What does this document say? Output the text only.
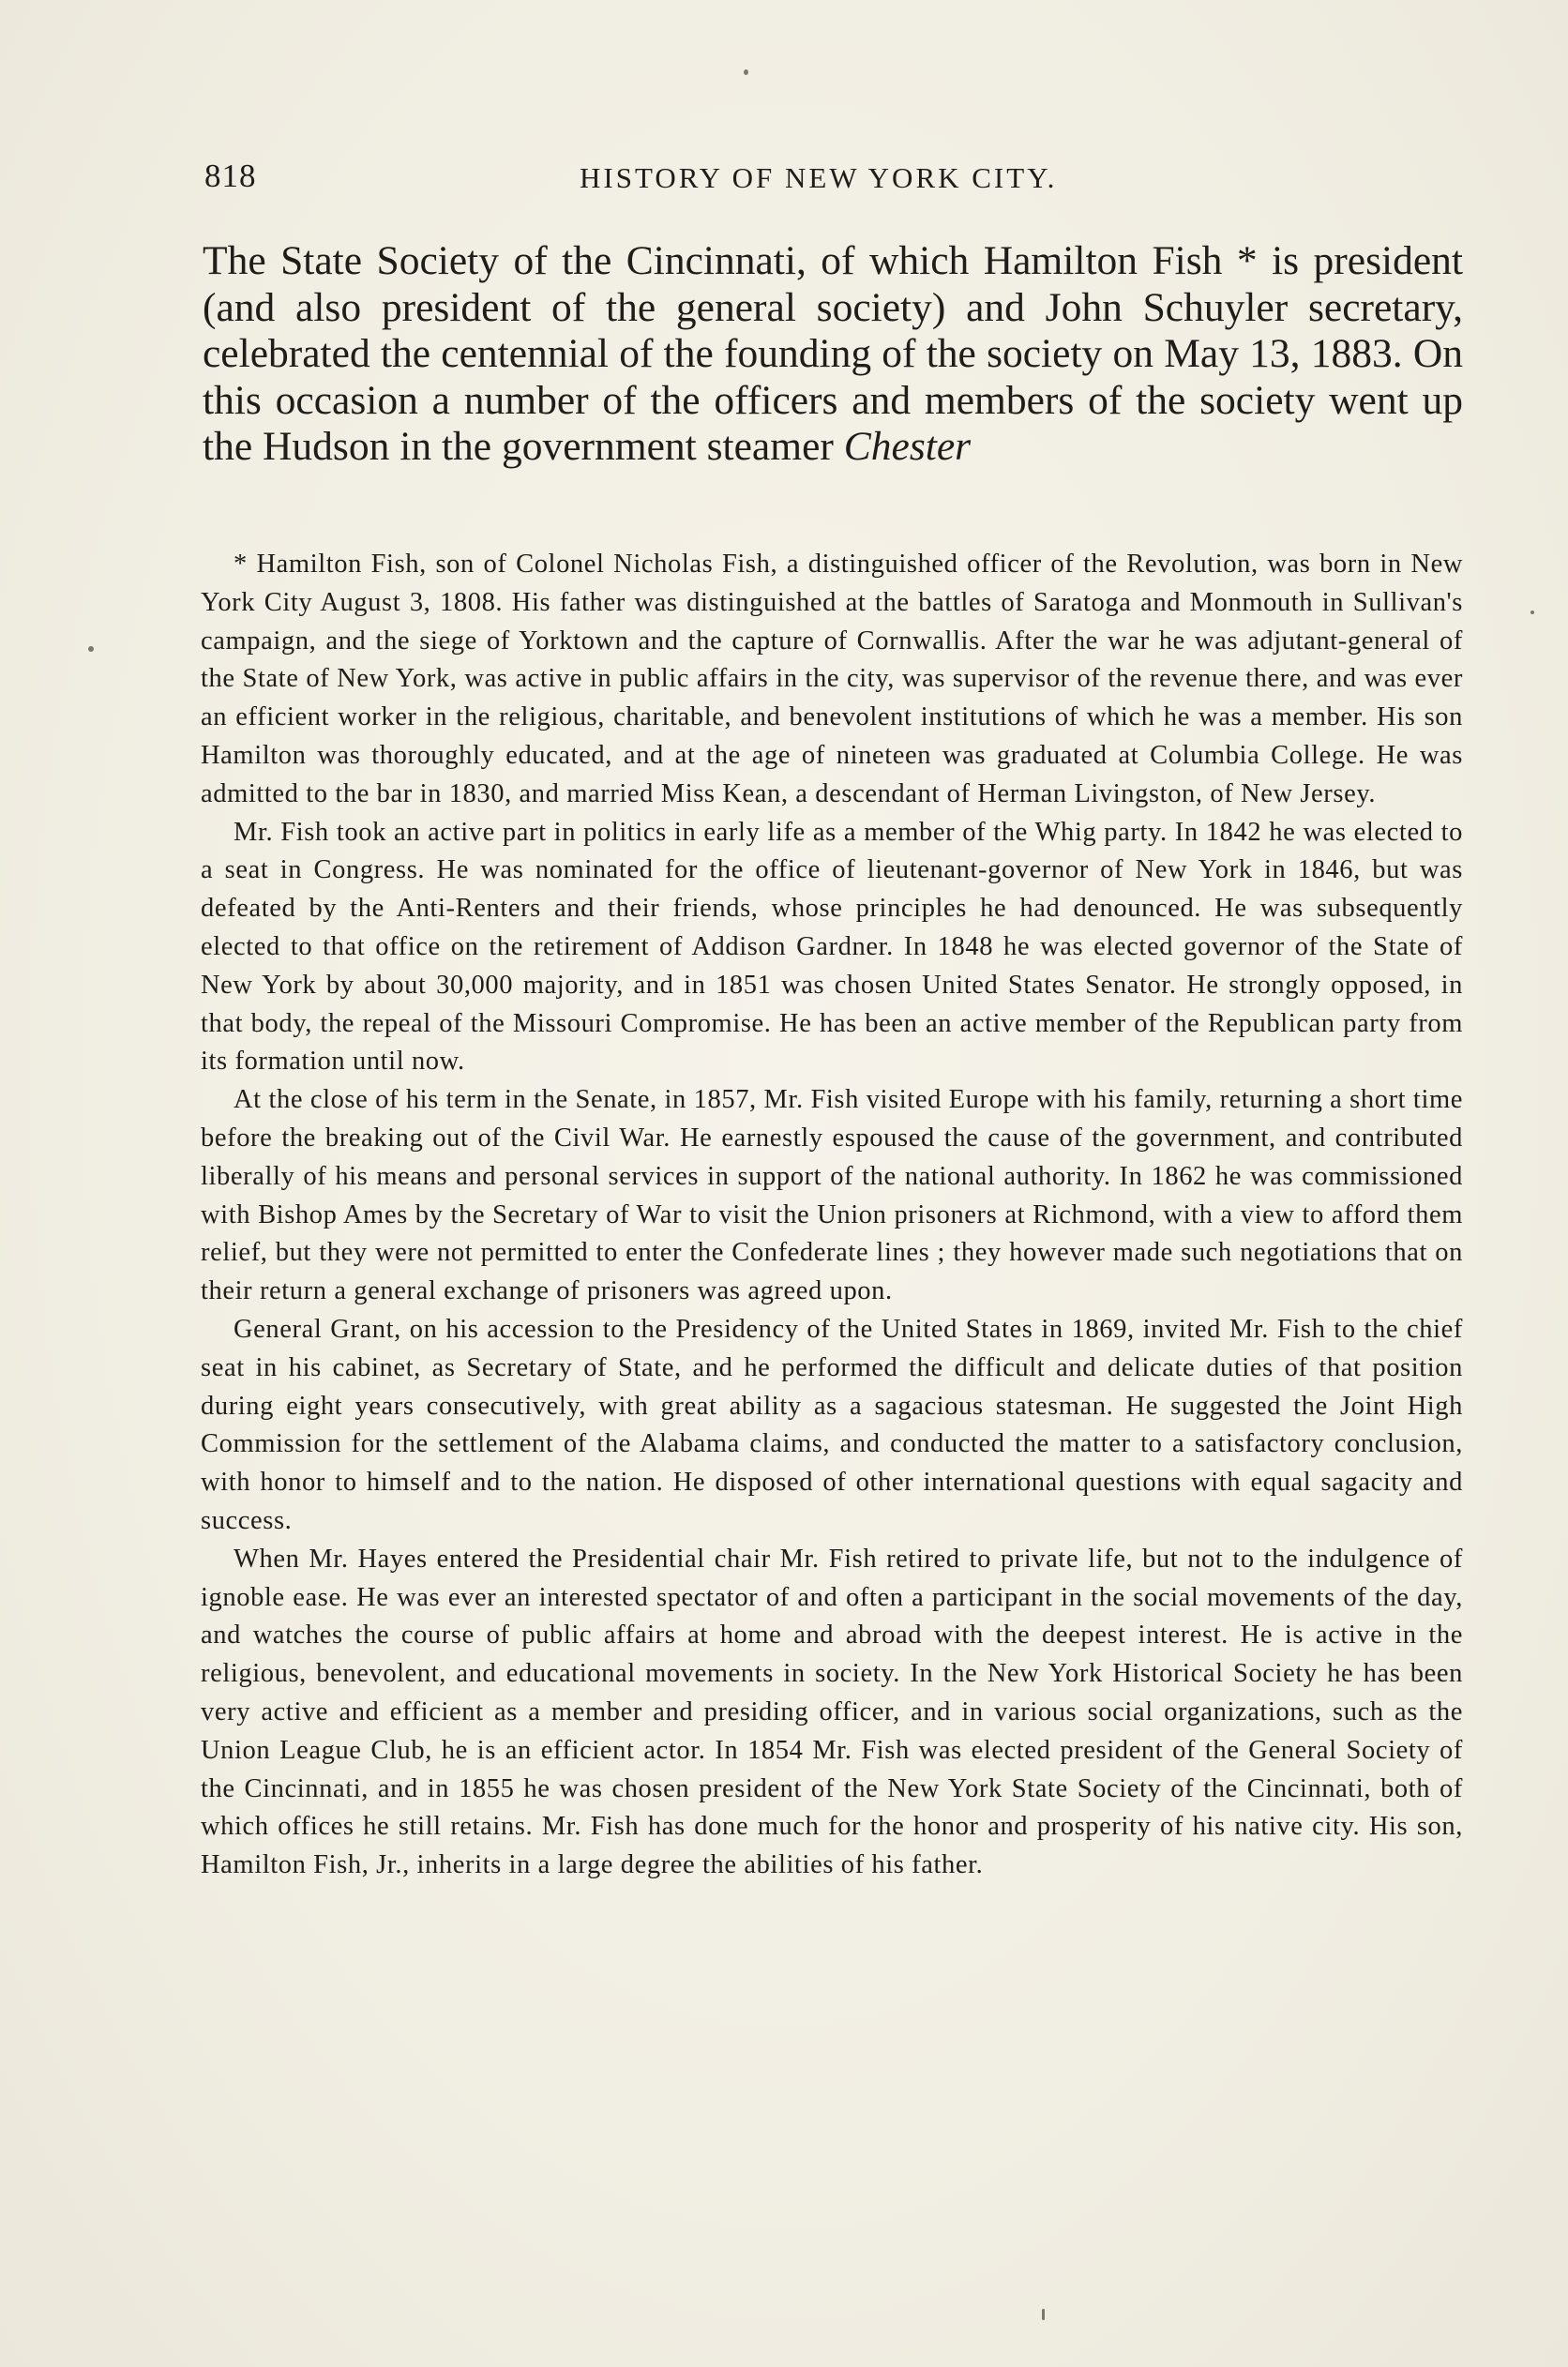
818	HISTORY OF NEW YORK CITY.

The State Society of the Cincinnati, of which Hamilton Fish * is president (and also president of the general society) and John Schuyler secretary, celebrated the centennial of the founding of the society on May 13, 1883. On this occasion a number of the officers and members of the society went up the Hudson in the government steamer Chester

* Hamilton Fish, son of Colonel Nicholas Fish, a distinguished officer of the Revolution, was born in New York City August 3, 1808. His father was distinguished at the battles of Saratoga and Monmouth in Sullivan's campaign, and the siege of Yorktown and the capture of Cornwallis. After the war he was adjutant-general of the State of New York, was active in public affairs in the city, was supervisor of the revenue there, and was ever an efficient worker in the religious, charitable, and benevolent institutions of which he was a member. His son Hamilton was thoroughly educated, and at the age of nineteen was graduated at Columbia College. He was admitted to the bar in 1830, and married Miss Kean, a descendant of Herman Livingston, of New Jersey.

Mr. Fish took an active part in politics in early life as a member of the Whig party. In 1842 he was elected to a seat in Congress. He was nominated for the office of lieutenant-governor of New York in 1846, but was defeated by the Anti-Renters and their friends, whose principles he had denounced. He was subsequently elected to that office on the retirement of Addison Gardner. In 1848 he was elected governor of the State of New York by about 30,000 majority, and in 1851 was chosen United States Senator. He strongly opposed, in that body, the repeal of the Missouri Compromise. He has been an active member of the Republican party from its formation until now.

At the close of his term in the Senate, in 1857, Mr. Fish visited Europe with his family, returning a short time before the breaking out of the Civil War. He earnestly espoused the cause of the government, and contributed liberally of his means and personal services in support of the national authority. In 1862 he was commissioned with Bishop Ames by the Secretary of War to visit the Union prisoners at Richmond, with a view to afford them relief, but they were not permitted to enter the Confederate lines ; they however made such negotiations that on their return a general exchange of prisoners was agreed upon.

General Grant, on his accession to the Presidency of the United States in 1869, invited Mr. Fish to the chief seat in his cabinet, as Secretary of State, and he performed the difficult and delicate duties of that position during eight years consecutively, with great ability as a sagacious statesman. He suggested the Joint High Commission for the settlement of the Alabama claims, and conducted the matter to a satisfactory conclusion, with honor to himself and to the nation. He disposed of other international questions with equal sagacity and success.

When Mr. Hayes entered the Presidential chair Mr. Fish retired to private life, but not to the indulgence of ignoble ease. He was ever an interested spectator of and often a participant in the social movements of the day, and watches the course of public affairs at home and abroad with the deepest interest. He is active in the religious, benevolent, and educational movements in society. In the New York Historical Society he has been very active and efficient as a member and presiding officer, and in various social organizations, such as the Union League Club, he is an efficient actor. In 1854 Mr. Fish was elected president of the General Society of the Cincinnati, and in 1855 he was chosen president of the New York State Society of the Cincinnati, both of which offices he still retains. Mr. Fish has done much for the honor and prosperity of his native city. His son, Hamilton Fish, Jr., inherits in a large degree the abilities of his father.
